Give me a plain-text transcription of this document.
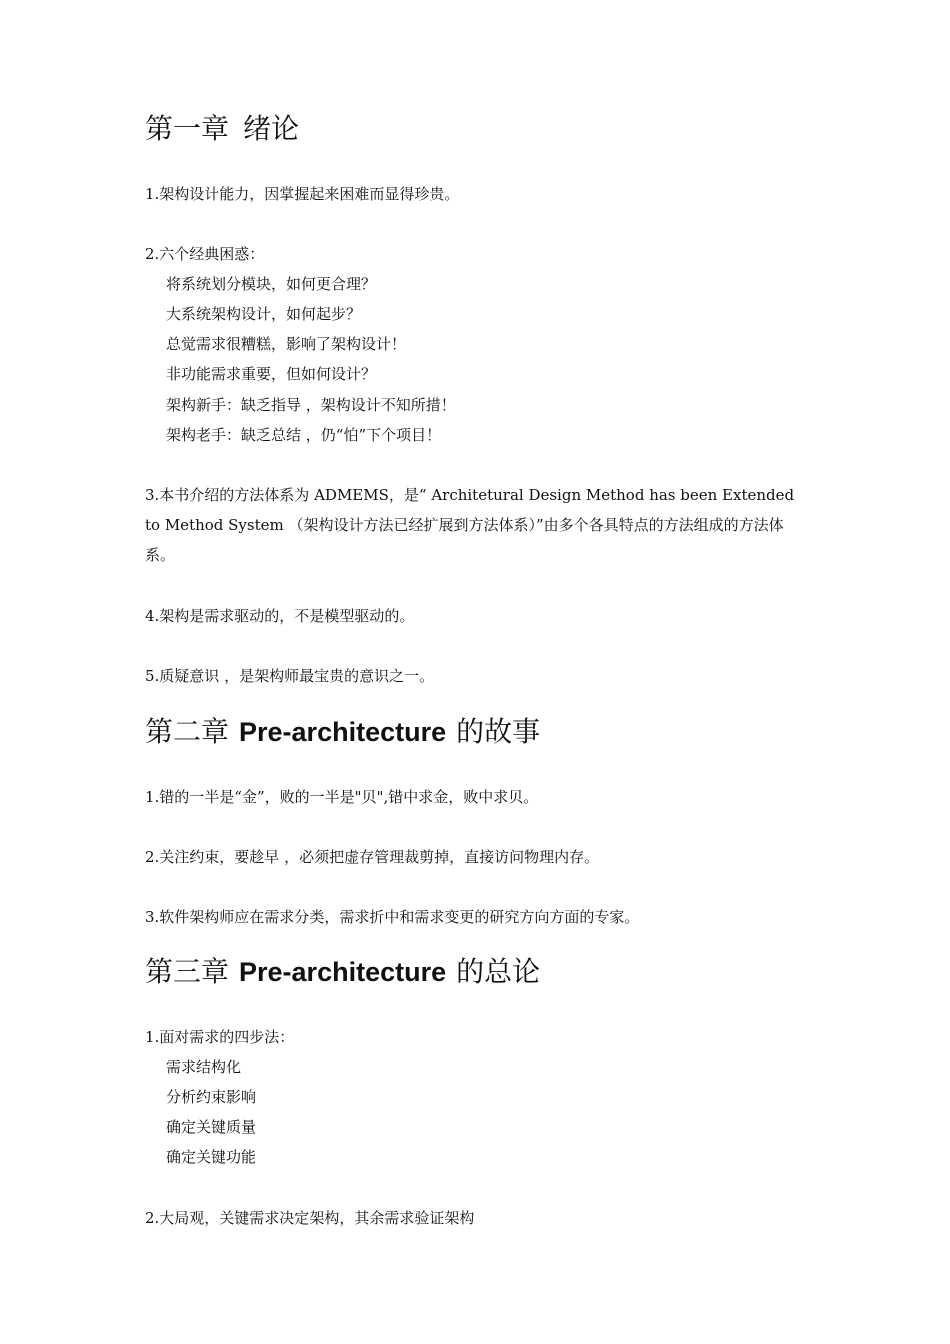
第一章 绪论

1.架构设计能力，因掌握起来困难而显得珍贵。

2.六个经典困惑：

将系统划分模块，如何更合理？

大系统架构设计，如何起步？

总觉需求很糟糕，影响了架构设计！

非功能需求重要，但如何设计？

架构新手：缺乏指导 ，架构设计不知所措！

架构老手：缺乏总结 ，仍“怕”下个项目！

3.本书介绍的方法体系为 ADMEMS，是“ Architetural Design Method has been Extended to Method System （架构设计方法已经扩展到方法体系）”由多个各具特点的方法组成的方法体系。

4.架构是需求驱动的，不是模型驱动的。

5.质疑意识 ，是架构师最宝贵的意识之一。

第二章 Pre-architecture 的故事

1.错的一半是“金”，败的一半是"贝",错中求金，败中求贝。

2.关注约束，要趁早 ，必须把虚存管理裁剪掉，直接访问物理内存。

3.软件架构师应在需求分类，需求折中和需求变更的研究方向方面的专家。

第三章 Pre-architecture 的总论

1.面对需求的四步法：

需求结构化

分析约束影响

确定关键质量

确定关键功能

2.大局观，关键需求决定架构，其余需求验证架构
